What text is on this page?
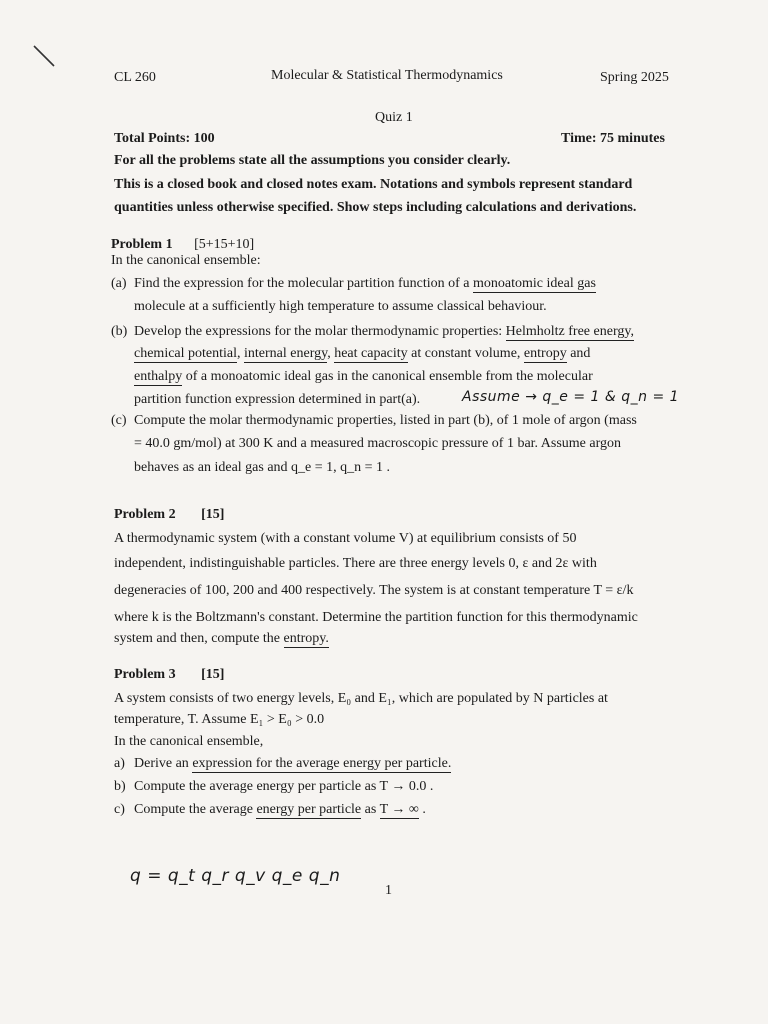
CL 260	Molecular & Statistical Thermodynamics	Spring 2025
Quiz 1
Total Points: 100	Time: 75 minutes
For all the problems state all the assumptions you consider clearly.
This is a closed book and closed notes exam. Notations and symbols represent standard
quantities unless otherwise specified. Show steps including calculations and derivations.
Problem 1 [5+15+10]
In the canonical ensemble:
(a) Find the expression for the molecular partition function of a monoatomic ideal gas
molecule at a sufficiently high temperature to assume classical behaviour.
(b) Develop the expressions for the molar thermodynamic properties: Helmholtz free energy,
chemical potential, internal energy, heat capacity at constant volume, entropy and
enthalpy of a monoatomic ideal gas in the canonical ensemble from the molecular
partition function expression determined in part(a).	Assume → q_e = 1 & q_n = 1
(c) Compute the molar thermodynamic properties, listed in part (b), of 1 mole of argon (mass
= 40.0 gm/mol) at 300 K and a measured macroscopic pressure of 1 bar. Assume argon
behaves as an ideal gas and q_e = 1, q_n = 1 .
Problem 2 [15]
A thermodynamic system (with a constant volume V) at equilibrium consists of 50
independent, indistinguishable particles. There are three energy levels 0, ε and 2ε with
degeneracies of 100, 200 and 400 respectively. The system is at constant temperature T = ε/k
where k is the Boltzmann's constant. Determine the partition function for this thermodynamic
system and then, compute the entropy.
Problem 3 [15]
A system consists of two energy levels, E₀ and E₁, which are populated by N particles at
temperature, T. Assume E₁ > E₀ > 0.0
In the canonical ensemble,
a) Derive an expression for the average energy per particle.
b) Compute the average energy per particle as T → 0.0 .
c) Compute the average energy per particle as T → ∞ .
q = q_t q_r q_v q_e q_n
1
